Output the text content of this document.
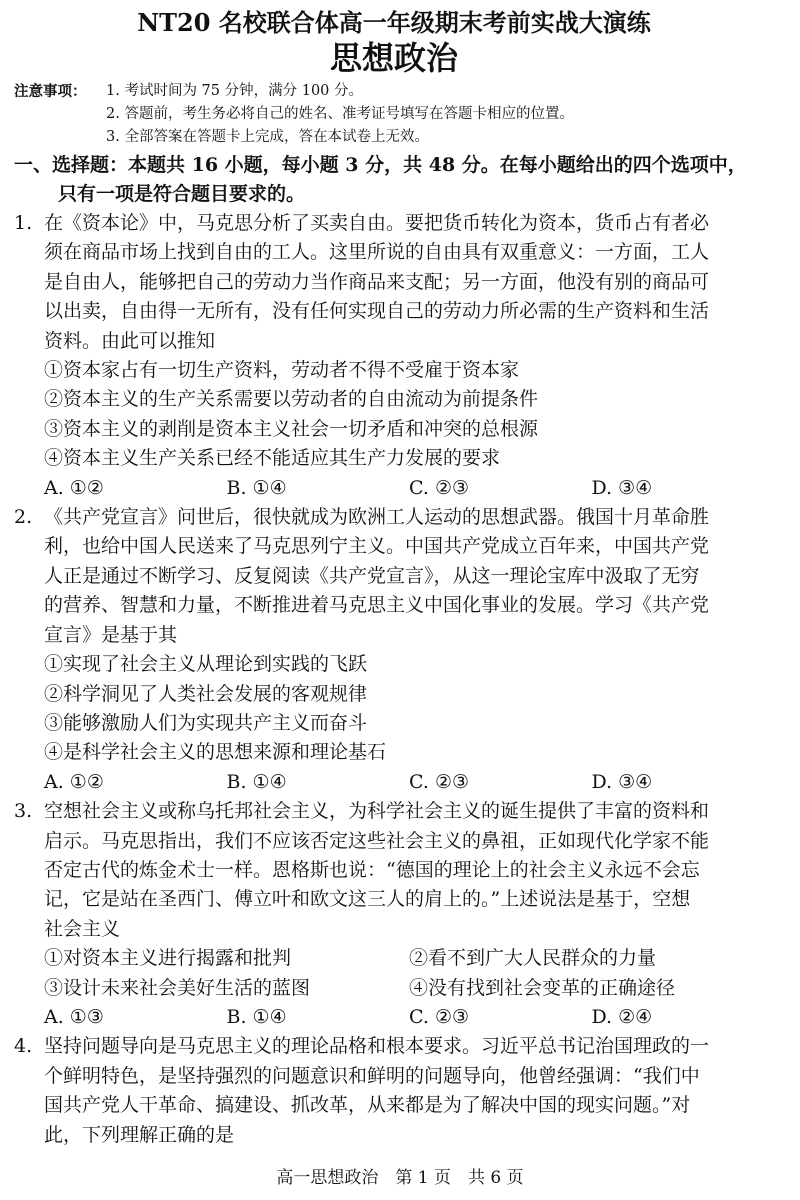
NT20 名校联合体高一年级期末考前实战大演练
思想政治
注意事项：	1. 考试时间为 75 分钟，满分 100 分。
2. 答题前，考生务必将自己的姓名、准考证号填写在答题卡相应的位置。
3. 全部答案在答题卡上完成，答在本试卷上无效。
一、选择题：本题共 16 小题，每小题 3 分，共 48 分。在每小题给出的四个选项中，
只有一项是符合题目要求的。
1. 在《资本论》中，马克思分析了买卖自由。要把货币转化为资本，货币占有者必
须在商品市场上找到自由的工人。这里所说的自由具有双重意义：一方面，工人
是自由人，能够把自己的劳动力当作商品来支配；另一方面，他没有别的商品可
以出卖，自由得一无所有，没有任何实现自己的劳动力所必需的生产资料和生活
资料。由此可以推知
①资本家占有一切生产资料，劳动者不得不受雇于资本家
②资本主义的生产关系需要以劳动者的自由流动为前提条件
③资本主义的剥削是资本主义社会一切矛盾和冲突的总根源
④资本主义生产关系已经不能适应其生产力发展的要求
A. ①②	B. ①④	C. ②③	D. ③④
2. 《共产党宣言》问世后，很快就成为欧洲工人运动的思想武器。俄国十月革命胜
利，也给中国人民送来了马克思列宁主义。中国共产党成立百年来，中国共产党
人正是通过不断学习、反复阅读《共产党宣言》，从这一理论宝库中汲取了无穷
的营养、智慧和力量，不断推进着马克思主义中国化事业的发展。学习《共产党
宣言》是基于其
①实现了社会主义从理论到实践的飞跃
②科学洞见了人类社会发展的客观规律
③能够激励人们为实现共产主义而奋斗
④是科学社会主义的思想来源和理论基石
A. ①②	B. ①④	C. ②③	D. ③④
3. 空想社会主义或称乌托邦社会主义，为科学社会主义的诞生提供了丰富的资料和
启示。马克思指出，我们不应该否定这些社会主义的鼻祖，正如现代化学家不能
否定古代的炼金术士一样。恩格斯也说：“德国的理论上的社会主义永远不会忘
记，它是站在圣西门、傅立叶和欧文这三人的肩上的。”上述说法是基于，空想
社会主义
①对资本主义进行揭露和批判	②看不到广大人民群众的力量
③设计未来社会美好生活的蓝图	④没有找到社会变革的正确途径
A. ①③	B. ①④	C. ②③	D. ②④
4. 坚持问题导向是马克思主义的理论品格和根本要求。习近平总书记治国理政的一
个鲜明特色，是坚持强烈的问题意识和鲜明的问题导向，他曾经强调：“我们中
国共产党人干革命、搞建设、抓改革，从来都是为了解决中国的现实问题。”对
此，下列理解正确的是
高一思想政治　第 1 页　共 6 页
